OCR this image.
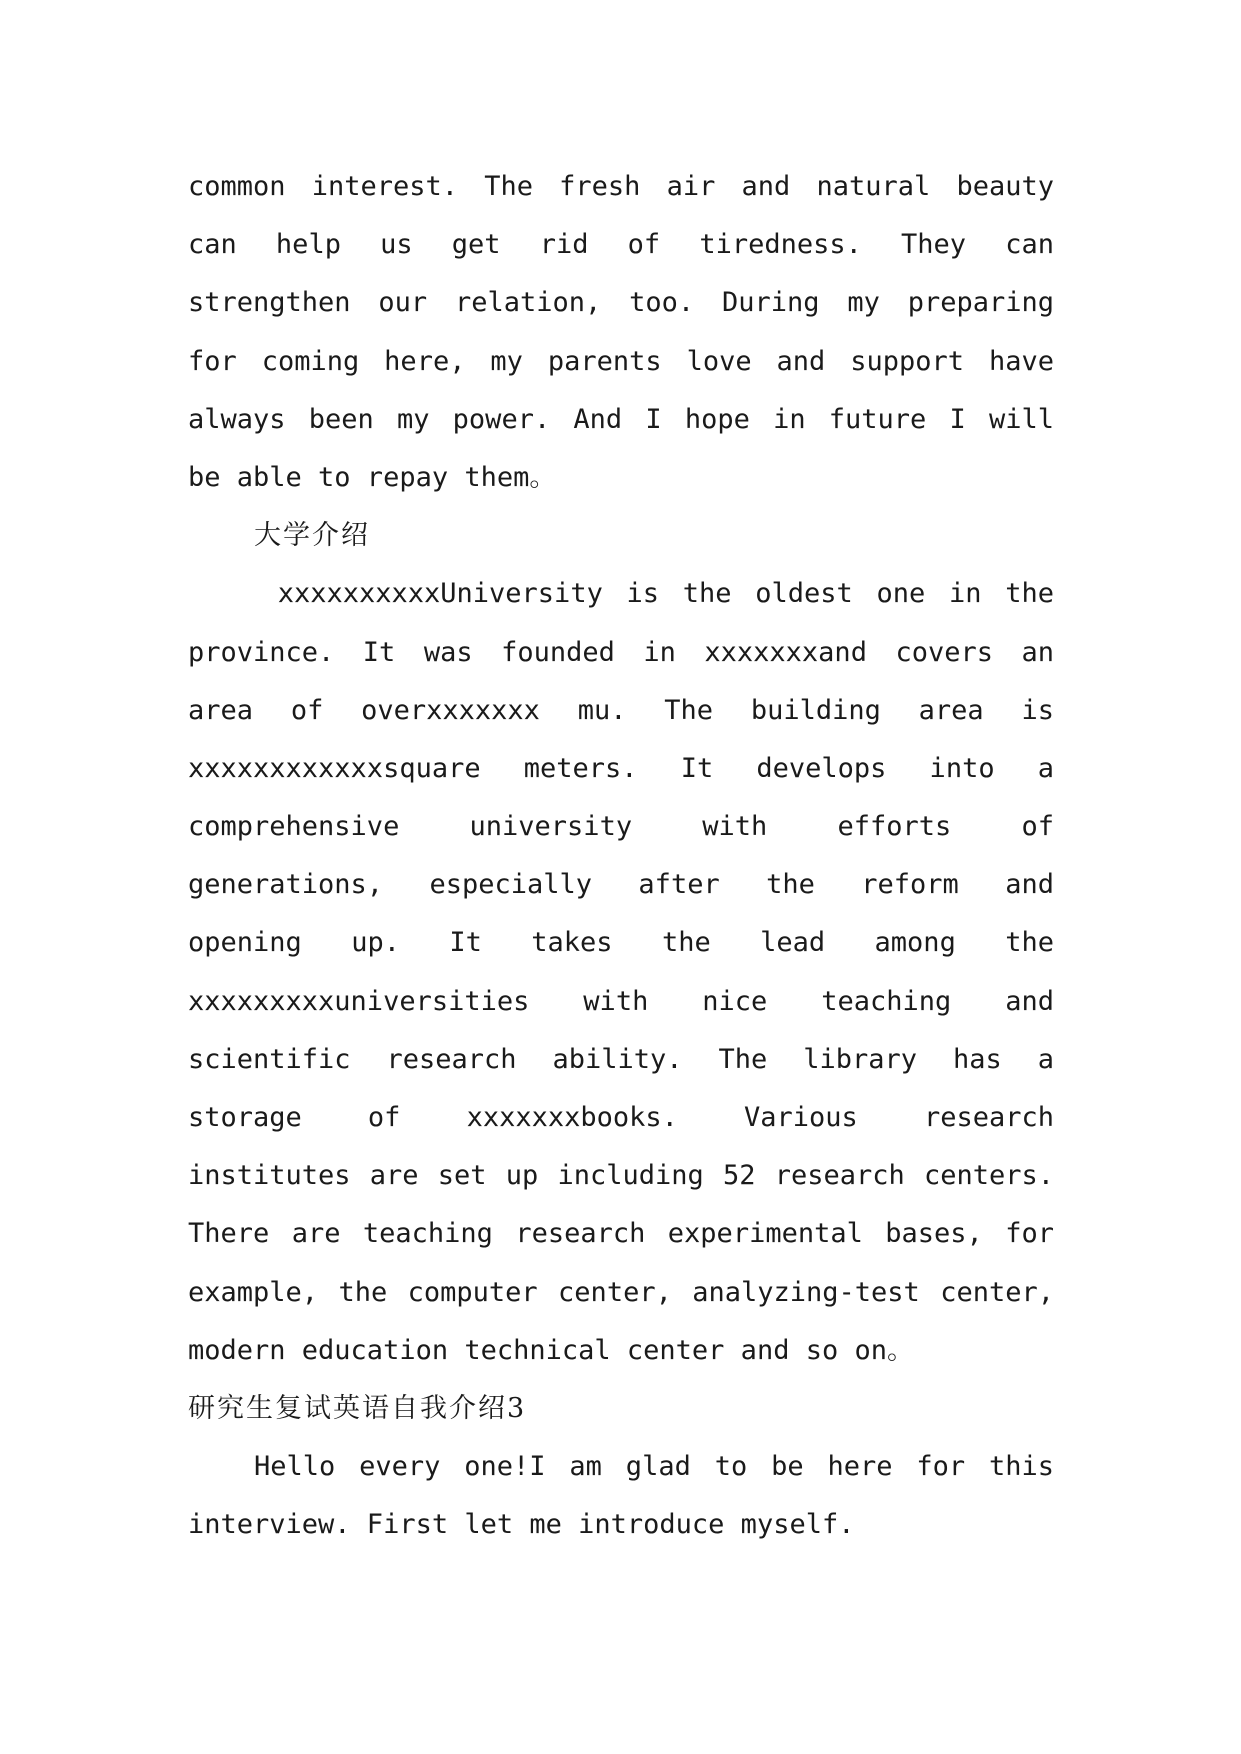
common interest. The fresh air and natural beauty
can help us get rid of tiredness. They can
strengthen our relation, too. During my preparing
for coming here, my parents love and support have
always been my power. And I hope in future I will
be able to repay them。
大学介绍
xxxxxxxxxxUniversity is the oldest one in the
province. It was founded in xxxxxxxand covers an
area of overxxxxxxx mu. The building area is
xxxxxxxxxxxxsquare meters. It develops into a
comprehensive university with efforts of
generations, especially after the reform and
opening up. It takes the lead among the
xxxxxxxxxuniversities with nice teaching and
scientific research ability. The library has a
storage of xxxxxxxbooks. Various research
institutes are set up including 52 research centers.
There are teaching research experimental bases, for
example, the computer center, analyzing-test center,
modern education technical center and so on。
研究生复试英语自我介绍3
Hello every one!I am glad to be here for this
interview. First let me introduce myself.
